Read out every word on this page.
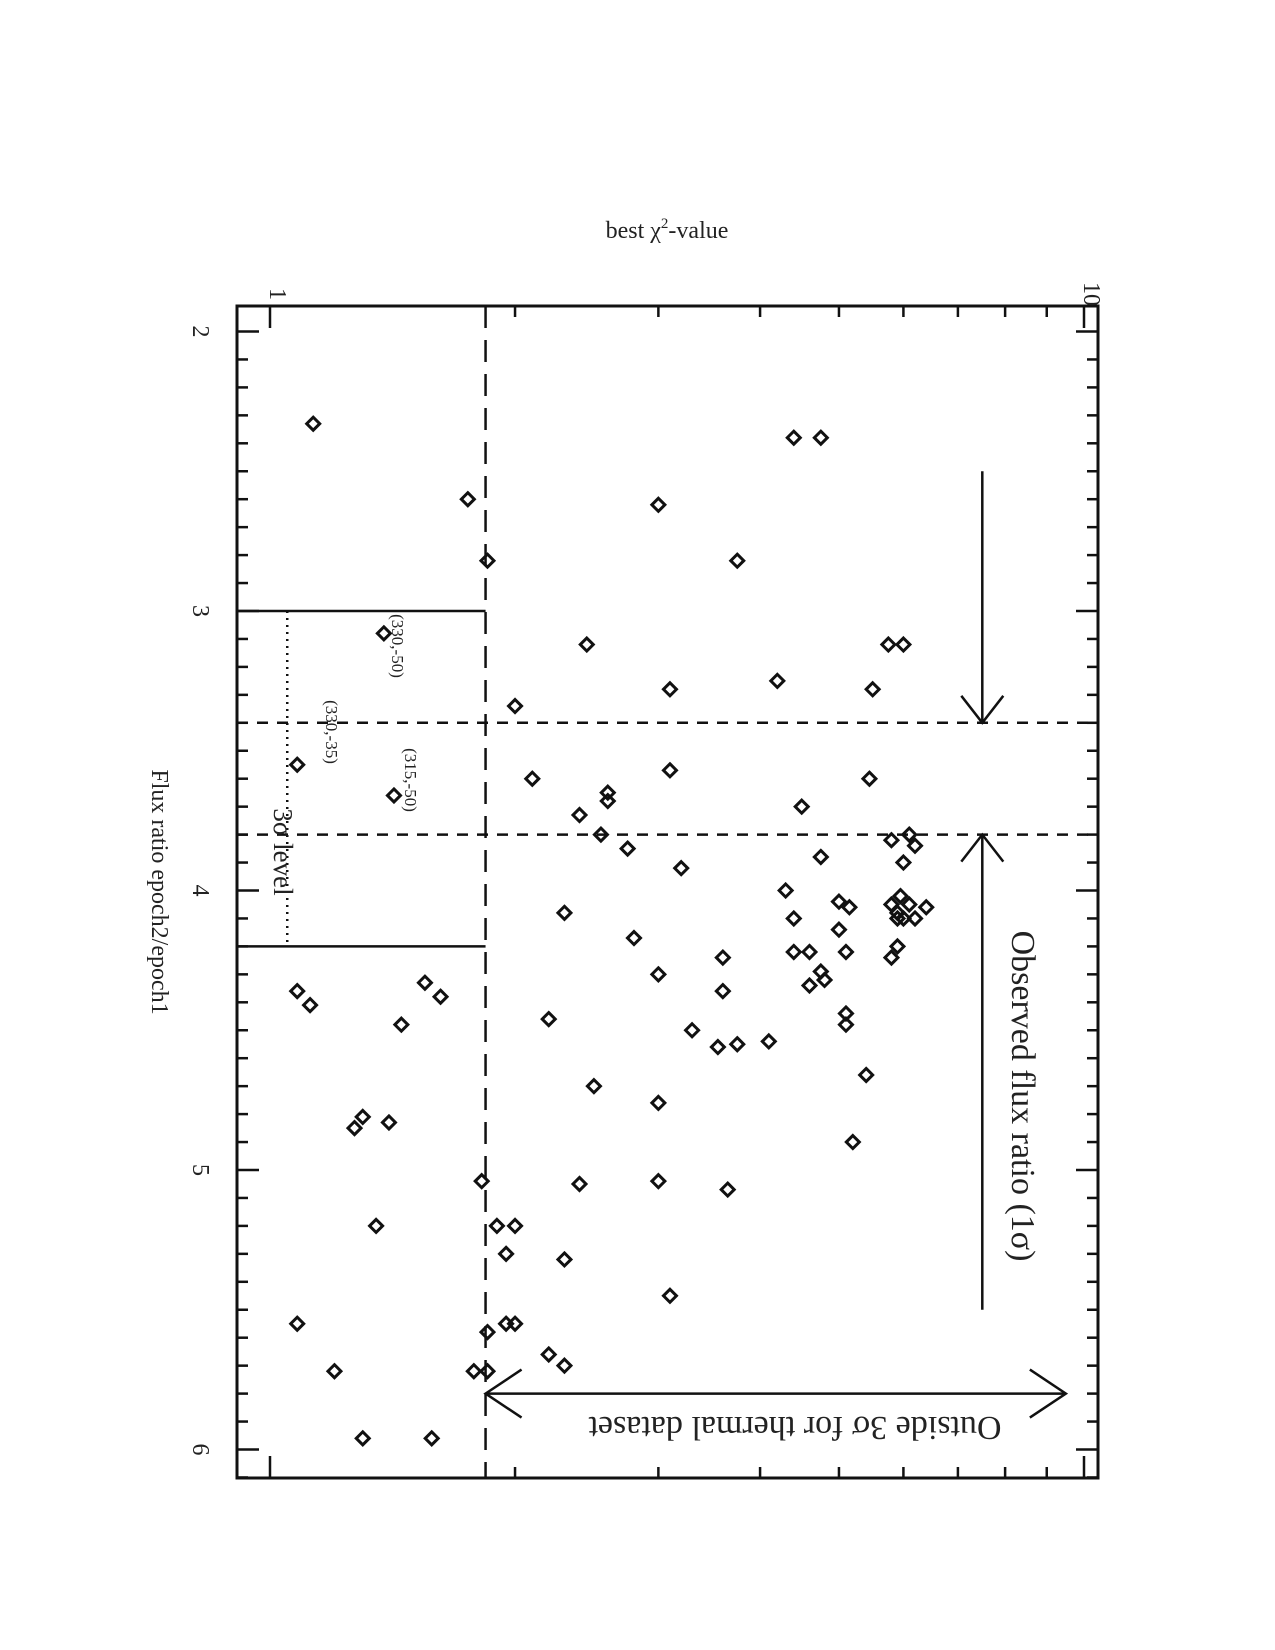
best $\chi^2$-value
Flux ratio epoch2/epoch1
2
3
4
5
6
1	10
(330,-50)
(315,-50)
(330,-35)
3σ level
Observed flux ratio (1σ)
Outside 3σ for thermal dataset
